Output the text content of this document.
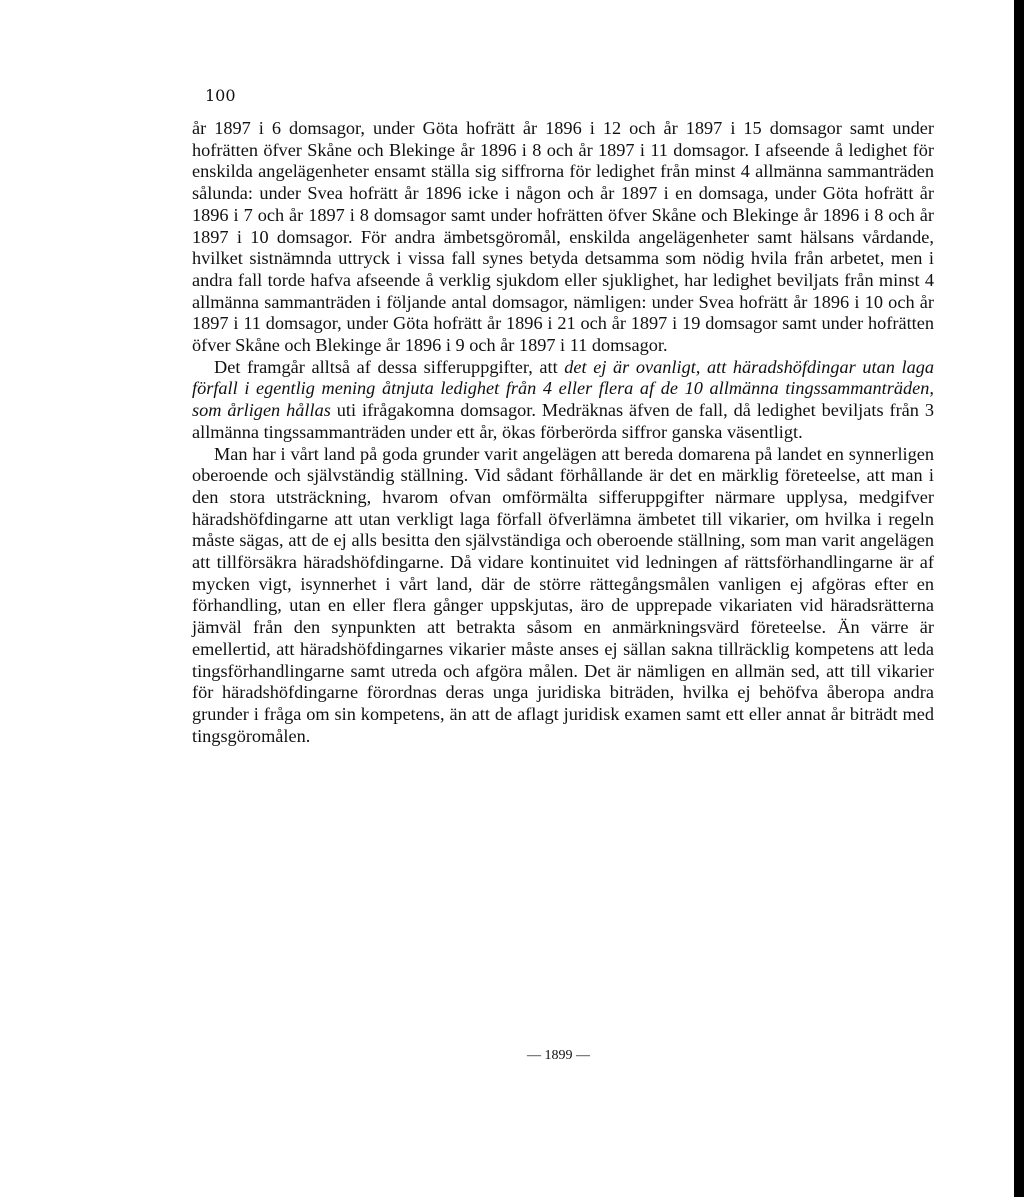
100

år 1897 i 6 domsagor, under Göta hofrätt år 1896 i 12 och år 1897 i 15 domsagor samt under hofrätten öfver Skåne och Blekinge år 1896 i 8 och år 1897 i 11 domsagor. I afseende å ledighet för enskilda angelägenheter ensamt ställa sig siffrorna för ledighet från minst 4 allmänna sammanträden sålunda: under Svea hofrätt år 1896 icke i någon och år 1897 i en domsaga, under Göta hofrätt år 1896 i 7 och år 1897 i 8 domsagor samt under hofrätten öfver Skåne och Blekinge år 1896 i 8 och år 1897 i 10 domsagor. För andra ämbetsgöromål, enskilda angelägenheter samt hälsans vårdande, hvilket sistnämnda uttryck i vissa fall synes betyda detsamma som nödig hvila från arbetet, men i andra fall torde hafva afseende å verklig sjukdom eller sjuklighet, har ledighet beviljats från minst 4 allmänna sammanträden i följande antal domsagor, nämligen: under Svea hofrätt år 1896 i 10 och år 1897 i 11 domsagor, under Göta hofrätt år 1896 i 21 och år 1897 i 19 domsagor samt under hofrätten öfver Skåne och Blekinge år 1896 i 9 och år 1897 i 11 domsagor.

Det framgår alltså af dessa sifferuppgifter, att det ej är ovanligt, att häradshöfdingar utan laga förfall i egentlig mening åtnjuta ledighet från 4 eller flera af de 10 allmänna tingssammanträden, som årligen hållas uti ifrågakomna domsagor. Medräknas äfven de fall, då ledighet beviljats från 3 allmänna tingssammanträden under ett år, ökas förberörda siffror ganska väsentligt.

Man har i vårt land på goda grunder varit angelägen att bereda domarena på landet en synnerligen oberoende och självständig ställning. Vid sådant förhållande är det en märklig företeelse, att man i den stora utsträckning, hvarom ofvan omförmälta sifferuppgifter närmare upplysa, medgifver häradshöfdingarne att utan verkligt laga förfall öfverlämna ämbetet till vikarier, om hvilka i regeln måste sägas, att de ej alls besitta den självständiga och oberoende ställning, som man varit angelägen att tillförsäkra häradshöfdingarne. Då vidare kontinuitet vid ledningen af rättsförhandlingarne är af mycken vigt, isynnerhet i vårt land, där de större rättegångsmålen vanligen ej afgöras efter en förhandling, utan en eller flera gånger uppskjutas, äro de upprepade vikariaten vid häradsrätterna jämväl från den synpunkten att betrakta såsom en anmärkningsvärd företeelse. Än värre är emellertid, att häradshöfdingarnes vikarier måste anses ej sällan sakna tillräcklig kompetens att leda tingsförhandlingarne samt utreda och afgöra målen. Det är nämligen en allmän sed, att till vikarier för häradshöfdingarne förordnas deras unga juridiska biträden, hvilka ej behöfva åberopa andra grunder i fråga om sin kompetens, än att de aflagt juridisk examen samt ett eller annat år biträdt med tingsgöromålen.

— 1899 —
